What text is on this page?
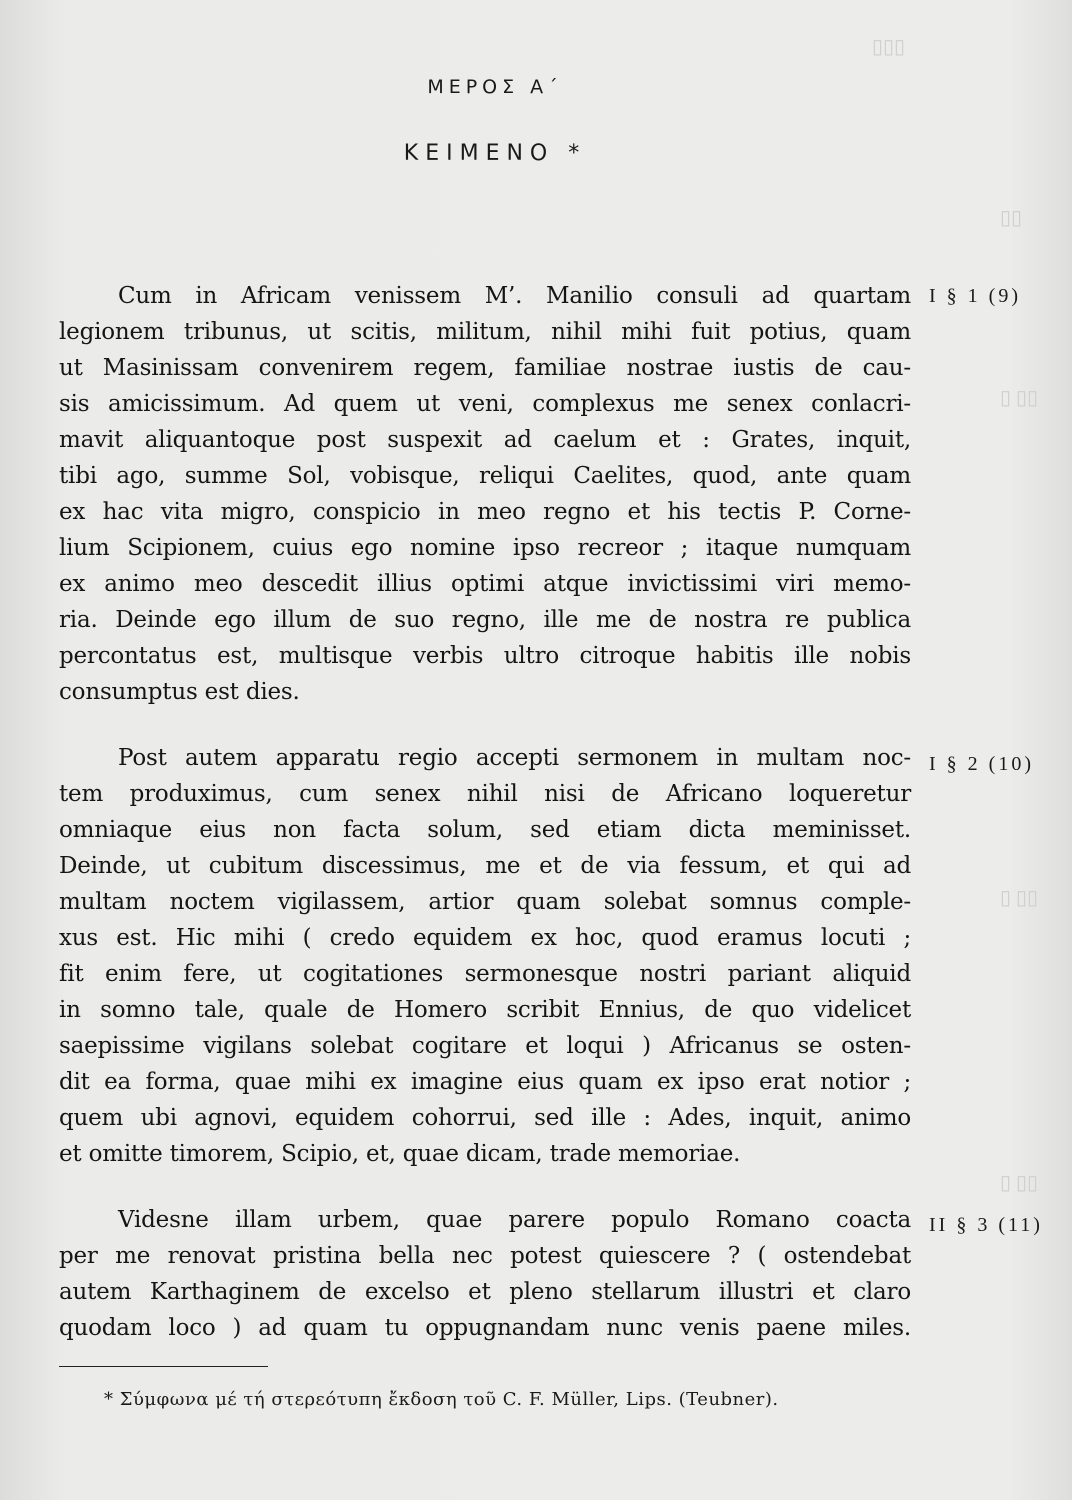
▯▯▯
▯▯
▯ ▯▯
▯ ▯▯
▯ ▯▯
ΜΕΡΟΣ Α΄
ΚΕΙΜΕΝΟ *
Cum in Africam venissem M’. Manilio consuli ad quartam
legionem tribunus, ut scitis, militum, nihil mihi fuit potius, quam
ut Masinissam convenirem regem, familiae nostrae iustis de cau-
sis amicissimum. Ad quem ut veni, complexus me senex conlacri-
mavit aliquantoque post suspexit ad caelum et : Grates, inquit,
tibi ago, summe Sol, vobisque, reliqui Caelites, quod, ante quam
ex hac vita migro, conspicio in meo regno et his tectis P. Corne-
lium Scipionem, cuius ego nomine ipso recreor ; itaque numquam
ex animo meo descedit illius optimi atque invictissimi viri memo-
ria. Deinde ego illum de suo regno, ille me de nostra re publica
percontatus est, multisque verbis ultro citroque habitis ille nobis
consumptus est dies.
I § 1 (9)
Post autem apparatu regio accepti sermonem in multam noc-
tem produximus, cum senex nihil nisi de Africano loqueretur
omniaque eius non facta solum, sed etiam dicta meminisset.
Deinde, ut cubitum discessimus, me et de via fessum, et qui ad
multam noctem vigilassem, artior quam solebat somnus comple-
xus est. Hic mihi ( credo equidem ex hoc, quod eramus locuti ;
fit enim fere, ut cogitationes sermonesque nostri pariant aliquid
in somno tale, quale de Homero scribit Ennius, de quo videlicet
saepissime vigilans solebat cogitare et loqui ) Africanus se osten-
dit ea forma, quae mihi ex imagine eius quam ex ipso erat notior ;
quem ubi agnovi, equidem cohorrui, sed ille : Ades, inquit, animo
et omitte timorem, Scipio, et, quae dicam, trade memoriae.
I § 2 (10)
Videsne illam urbem, quae parere populo Romano coacta
per me renovat pristina bella nec potest quiescere ? ( ostendebat
autem Karthaginem de excelso et pleno stellarum illustri et claro
quodam loco ) ad quam tu oppugnandam nunc venis paene miles.
II § 3 (11)
* Σύμφωνα μέ τή στερεότυπη ἔκδοση τοῦ C. F. Müller, Lips. (Teubner).
